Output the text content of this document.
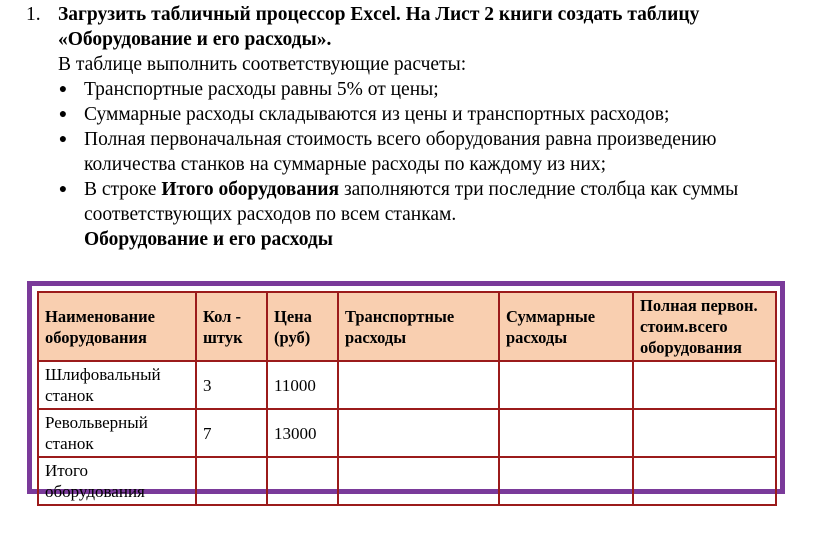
1. Загрузить табличный процессор Excel. На Лист 2 книги создать таблицу
«Оборудование и его расходы».
В таблице выполнить соответствующие расчеты:
● Транспортные расходы равны 5% от цены;
● Суммарные расходы складываются из цены и транспортных расходов;
● Полная первоначальная стоимость всего оборудования равна произведению количества станков на суммарные расходы по каждому из них;
● В строке Итого оборудования заполняются три последние столбца как суммы соответствующих расходов по всем станкам.
Оборудование и его расходы
Наименование оборудования	Кол - штук	Цена (руб)	Транспортные расходы	Суммарные расходы	Полная первон. стоим.всего оборудования
Шлифовальный станок	3	11000			
Револьверный станок	7	13000			
Итого оборудования					
